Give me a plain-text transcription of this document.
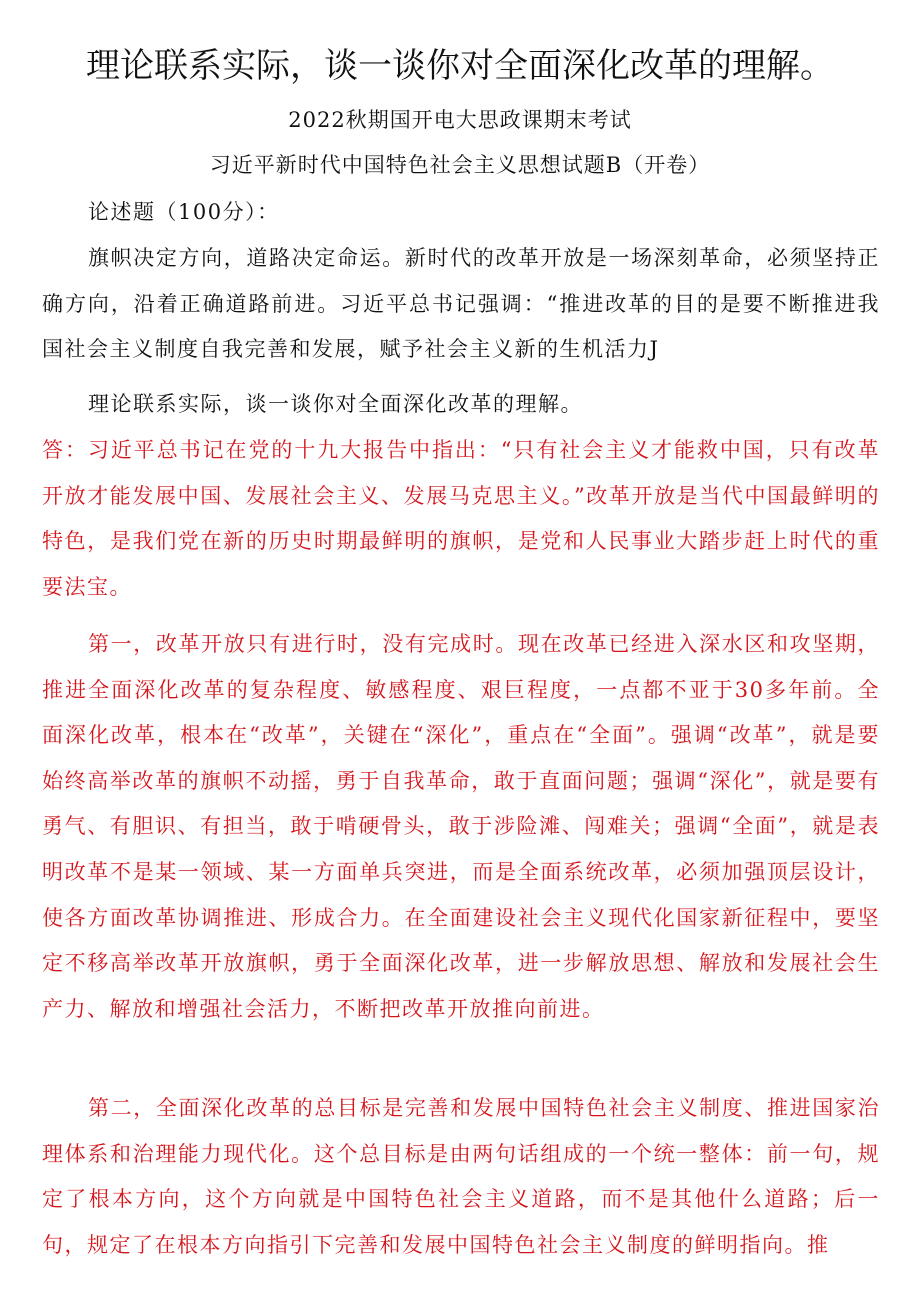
理论联系实际，谈一谈你对全面深化改革的理解。
2022秋期国开电大思政课期末考试
习近平新时代中国特色社会主义思想试题B（开卷）

论述题（100分）：

旗帜决定方向，道路决定命运。新时代的改革开放是一场深刻革命，必须坚持正确方向，沿着正确道路前进。习近平总书记强调：“推进改革的目的是要不断推进我国社会主义制度自我完善和发展，赋予社会主义新的生机活力J

理论联系实际，谈一谈你对全面深化改革的理解。

答：习近平总书记在党的十九大报告中指出：“只有社会主义才能救中国，只有改革开放才能发展中国、发展社会主义、发展马克思主义。”改革开放是当代中国最鲜明的特色，是我们党在新的历史时期最鲜明的旗帜，是党和人民事业大踏步赶上时代的重要法宝。

第一，改革开放只有进行时，没有完成时。现在改革已经进入深水区和攻坚期，推进全面深化改革的复杂程度、敏感程度、艰巨程度，一点都不亚于30多年前。全面深化改革，根本在“改革”，关键在“深化”，重点在“全面”。强调“改革”，就是要始终高举改革的旗帜不动摇，勇于自我革命，敢于直面问题；强调“深化”，就是要有勇气、有胆识、有担当，敢于啃硬骨头，敢于涉险滩、闯难关；强调“全面”，就是表明改革不是某一领域、某一方面单兵突进，而是全面系统改革，必须加强顶层设计，使各方面改革协调推进、形成合力。在全面建设社会主义现代化国家新征程中，要坚定不移高举改革开放旗帜，勇于全面深化改革，进一步解放思想、解放和发展社会生产力、解放和增强社会活力，不断把改革开放推向前进。

第二，全面深化改革的总目标是完善和发展中国特色社会主义制度、推进国家治理体系和治理能力现代化。这个总目标是由两句话组成的一个统一整体：前一句，规定了根本方向，这个方向就是中国特色社会主义道路，而不是其他什么道路；后一句，规定了在根本方向指引下完善和发展中国特色社会主义制度的鲜明指向。推
